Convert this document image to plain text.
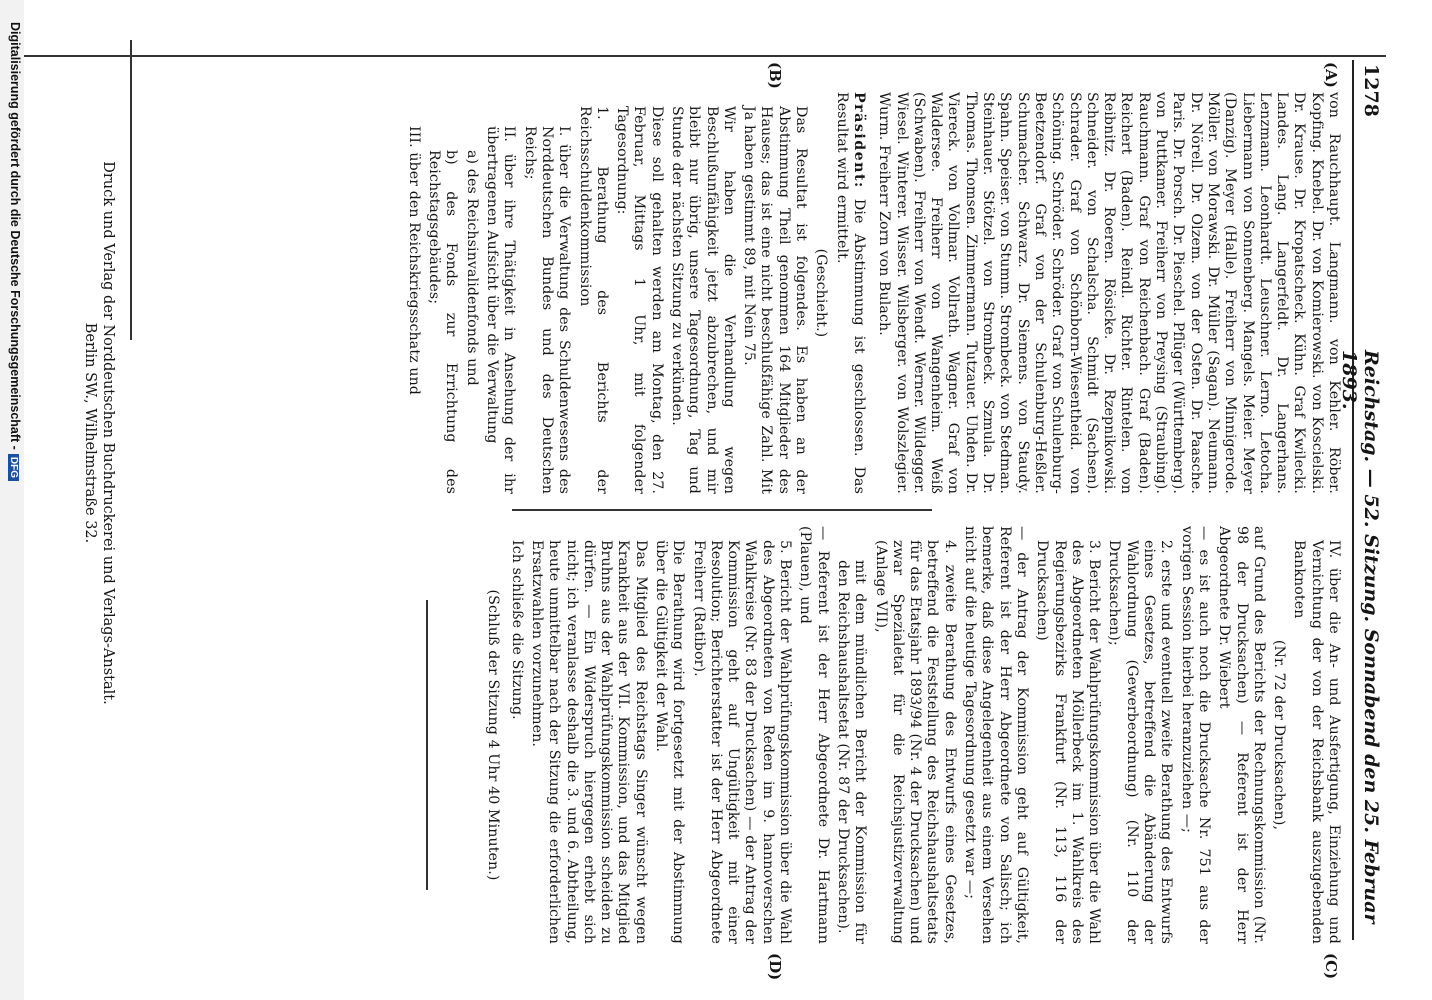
1278
Reichstag. — 52. Sitzung. Sonnabend den 25. Februar 1893.
(A)
(B)
(C)
(D)

von Rauchhaupt. Langmann. von Kehler. Röber. Kopfing. Knebel. Dr. von Komierowski. von Koscielski. Dr. Krause. Dr. Kropatscheck. Kühn. Graf Kwilecki. Landes. Lang. Langerfeldt. Dr. Langerhans. Lenzmann. Leonhardt. Leuschner. Lerno. Letocha. Liebermann von Sonnenberg. Mangels. Meier. Meyer (Danzig). Meyer (Halle). Freiherr von Minnigerode. Möller. von Morawski. Dr. Müller (Sagan). Neumann. Dr. Nörell. Dr. Olzem. von der Osten. Dr. Paasche. Paris. Dr. Porsch. Dr. Pieschel. Pflüger (Württemberg). von Puttkamer. Freiherr von Preysing (Straubing). Rauchmann. Graf von Reichenbach. Graf (Baden). Reichert (Baden). Reindl. Richter. Rintelen. von Reibnitz. Dr. Roeren. Rösicke. Dr. Rzepnikowski. Schneider. von Schalscha. Schmidt (Sachsen). Schrader. Graf von Schönborn-Wiesentheid. von Schöning. Schröder. Schröder. Graf von Schulenburg-Beetzendorf. Graf von der Schulenburg-Heßler. Schumacher. Schwarz. Dr. Siemens. von Staudy. Spahn. Speiser. von Stumm. Strombeck. von Stedman. Steinhauer. Stötzel. von Strombeck. Szmula. Dr. Thomas. Thomsen. Zimmermann. Tutzauer. Uhden. Dr. Viereck. von Vollmar. Vollrath. Wagner. Graf von Waldersee. Freiherr von Wangenheim. Weiß (Schwaben). Freiherr von Wendt. Werner. Wildegger. Wiesel. Winterer. Wisser. Wilsberger. von Wolszlegier. Wurm. Freiherr Zorn von Bulach.

Präsident: Die Abstimmung ist geschlossen. Das Resultat wird ermittelt.

(Geschieht.)

Das Resultat ist folgendes. Es haben an der Abstimmung Theil genommen 164 Mitglieder des Hauses; das ist eine nicht beschlußfähige Zahl. Mit Ja haben gestimmt 89, mit Nein 75.

Wir haben die Verhandlung wegen Beschlußunfähigkeit jetzt abzubrechen, und mir bleibt nur übrig, unsere Tagesordnung, Tag und Stunde der nächsten Sitzung zu verkünden.

Diese soll gehalten werden am Montag, den 27. Februar, Mittags 1 Uhr, mit folgender Tagesordnung:

1. Berathung des Berichts der Reichsschuldenkommission

I. über die Verwaltung des Schuldenwesens des Norddeutschen Bundes und des Deutschen Reichs;

II. über ihre Thätigkeit in Ansehung der ihr übertragenen Aufsicht über die Verwaltung

a) des Reichsinvalidenfonds und

b) des Fonds zur Errichtung des Reichstagsgebäudes;

III. über den Reichskriegsschatz und

IV. über die An- und Ausfertigung, Einziehung und Vernichtung der von der Reichsbank auszugebenden Banknoten

(Nr. 72 der Drucksachen),

auf Grund des Berichts der Rechnungskommission (Nr. 98 der Drucksachen) — Referent ist der Herr Abgeordnete Dr. Wiebert

— es ist auch noch die Drucksache Nr. 751 aus der vorigen Session hierbei heranzuziehen —;

2. erste und eventuell zweite Berathung des Entwurfs eines Gesetzes, betreffend die Abänderung der Wahlordnung (Gewerbeordnung) (Nr. 110 der Drucksachen);

3. Bericht der Wahlprüfungskommission über die Wahl des Abgeordneten Möllerbeck im 1. Wahlkreis des Regierungsbezirks Frankfurt (Nr. 113, 116 der Drucksachen)

— der Antrag der Kommission geht auf Gültigkeit, Referent ist der Herr Abgeordnete von Salisch; ich bemerke, daß diese Angelegenheit aus einem Versehen nicht auf die heutige Tagesordnung gesetzt war —;

4. zweite Berathung des Entwurfs eines Gesetzes, betreffend die Feststellung des Reichshaushaltsetats für das Etatsjahr 1893/94 (Nr. 4 der Drucksachen) und zwar Spezialetat für die Reichsjustizverwaltung (Anlage VII),

mit dem mündlichen Bericht der Kommission für den Reichshaushaltsetat (Nr. 87 der Drucksachen).

— Referent ist der Herr Abgeordnete Dr. Hartmann (Plauen), und

5. Bericht der Wahlprüfungskommission über die Wahl des Abgeordneten von Reden im 9. hannoverschen Wahlkreise (Nr. 83 der Drucksachen) — der Antrag der Kommission geht auf Ungültigkeit mit einer Resolution; Berichterstatter ist der Herr Abgeordnete Freiherr (Ratibor).

Die Berathung wird fortgesetzt mit der Abstimmung über die Gültigkeit der Wahl.

Das Mitglied des Reichstags Singer wünscht wegen Krankheit aus der VII. Kommission, und das Mitglied Bruhns aus der Wahlprüfungskommission scheiden zu dürfen. — Ein Widerspruch hiergegen erhebt sich nicht; ich veranlasse deshalb die 3. und 6. Abtheilung, heute unmittelbar nach der Sitzung die erforderlichen Ersatzwahlen vorzunehmen.

Ich schließe die Sitzung.

(Schluß der Sitzung 4 Uhr 40 Minuten.)

Druck und Verlag der Norddeutschen Buchdruckerei und Verlags-Anstalt.
Berlin SW., Wilhelmstraße 32.
Digitalisierung gefördert durch die Deutsche Forschungsgemeinschaft -DFG
